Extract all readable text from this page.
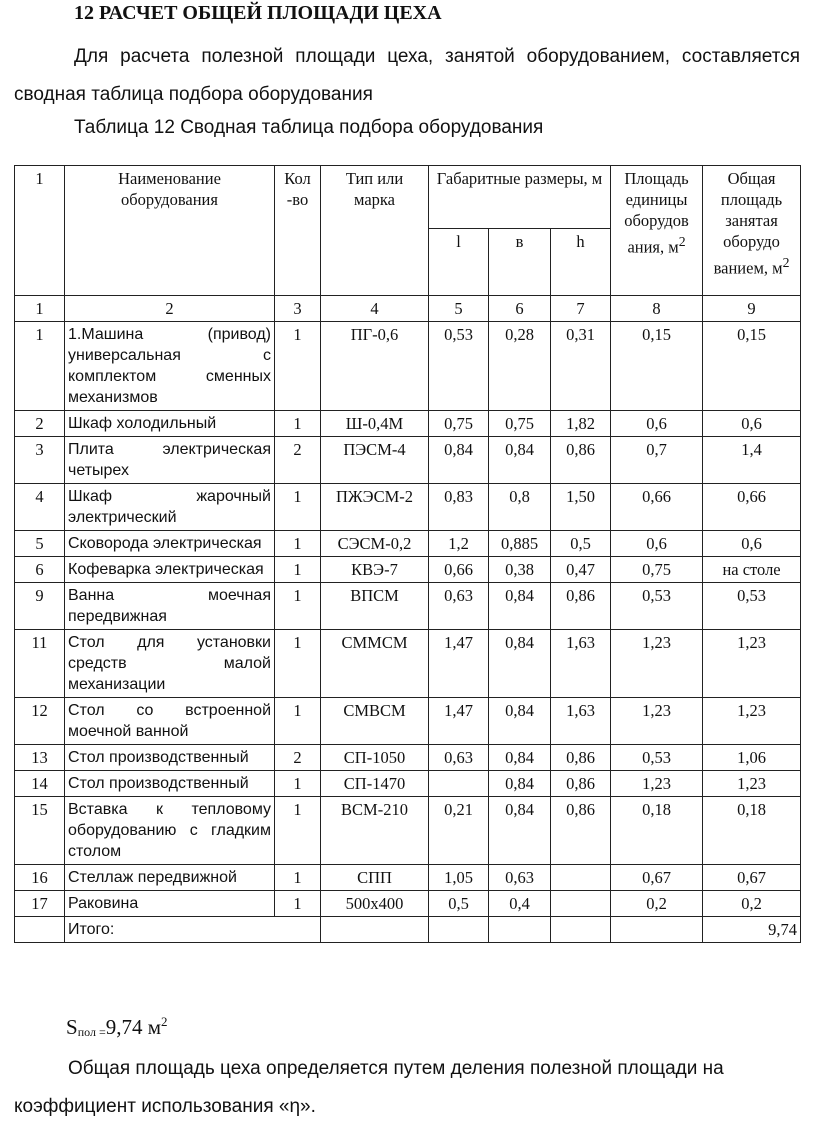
12 РАСЧЕТ ОБЩЕЙ ПЛОЩАДИ ЦЕХА
Для расчета полезной площади цеха, занятой оборудованием, составляется сводная таблица подбора оборудования
Таблица 12 Сводная таблица подбора оборудования
1	Наименование оборудования	Кол -во	Тип или марка	Габаритные размеры, м			Площадь единицы оборудов ания, $м^2$	Общая площадь занятая оборудо ванием, $м^2$
				l	в	h		
1	2	3	4	5	6	7	8	9
1	1.Машина (привод) универсальная с комплектом сменных механизмов	1	ПГ-0,6	0,53	0,28	0,31	0,15	0,15
2	Шкаф холодильный	1	Ш-0,4М	0,75	0,75	1,82	0,6	0,6
3	Плита электрическая четырех	2	ПЭСМ-4	0,84	0,84	0,86	0,7	1,4
4	Шкаф жарочный электрический	1	ПЖЭСМ-2	0,83	0,8	1,50	0,66	0,66
5	Сковорода электрическая	1	СЭСМ-0,2	1,2	0,885	0,5	0,6	0,6
6	Кофеварка электрическая	1	КВЭ-7	0,66	0,38	0,47	0,75	на столе
9	Ванна моечная передвижная	1	ВПСМ	0,63	0,84	0,86	0,53	0,53
11	Стол для установки средств малой механизации	1	СММСМ	1,47	0,84	1,63	1,23	1,23
12	Стол со встроенной моечной ванной	1	СМВСМ	1,47	0,84	1,63	1,23	1,23
13	Стол производственный	2	СП-1050	0,63	0,84	0,86	0,53	1,06
14	Стол производственный	1	СП-1470		0,84	0,86	1,23	1,23
15	Вставка к тепловому оборудованию с гладким столом	1	ВСМ-210	0,21	0,84	0,86	0,18	0,18
16	Стеллаж передвижной	1	СПП	1,05	0,63		0,67	0,67
17	Раковина	1	500х400	0,5	0,4		0,2	0,2
	Итого:							9,74
Sпол =9,74 $м^2$
Общая площадь цеха определяется путем деления полезной площади на коэффициент использования «η».
